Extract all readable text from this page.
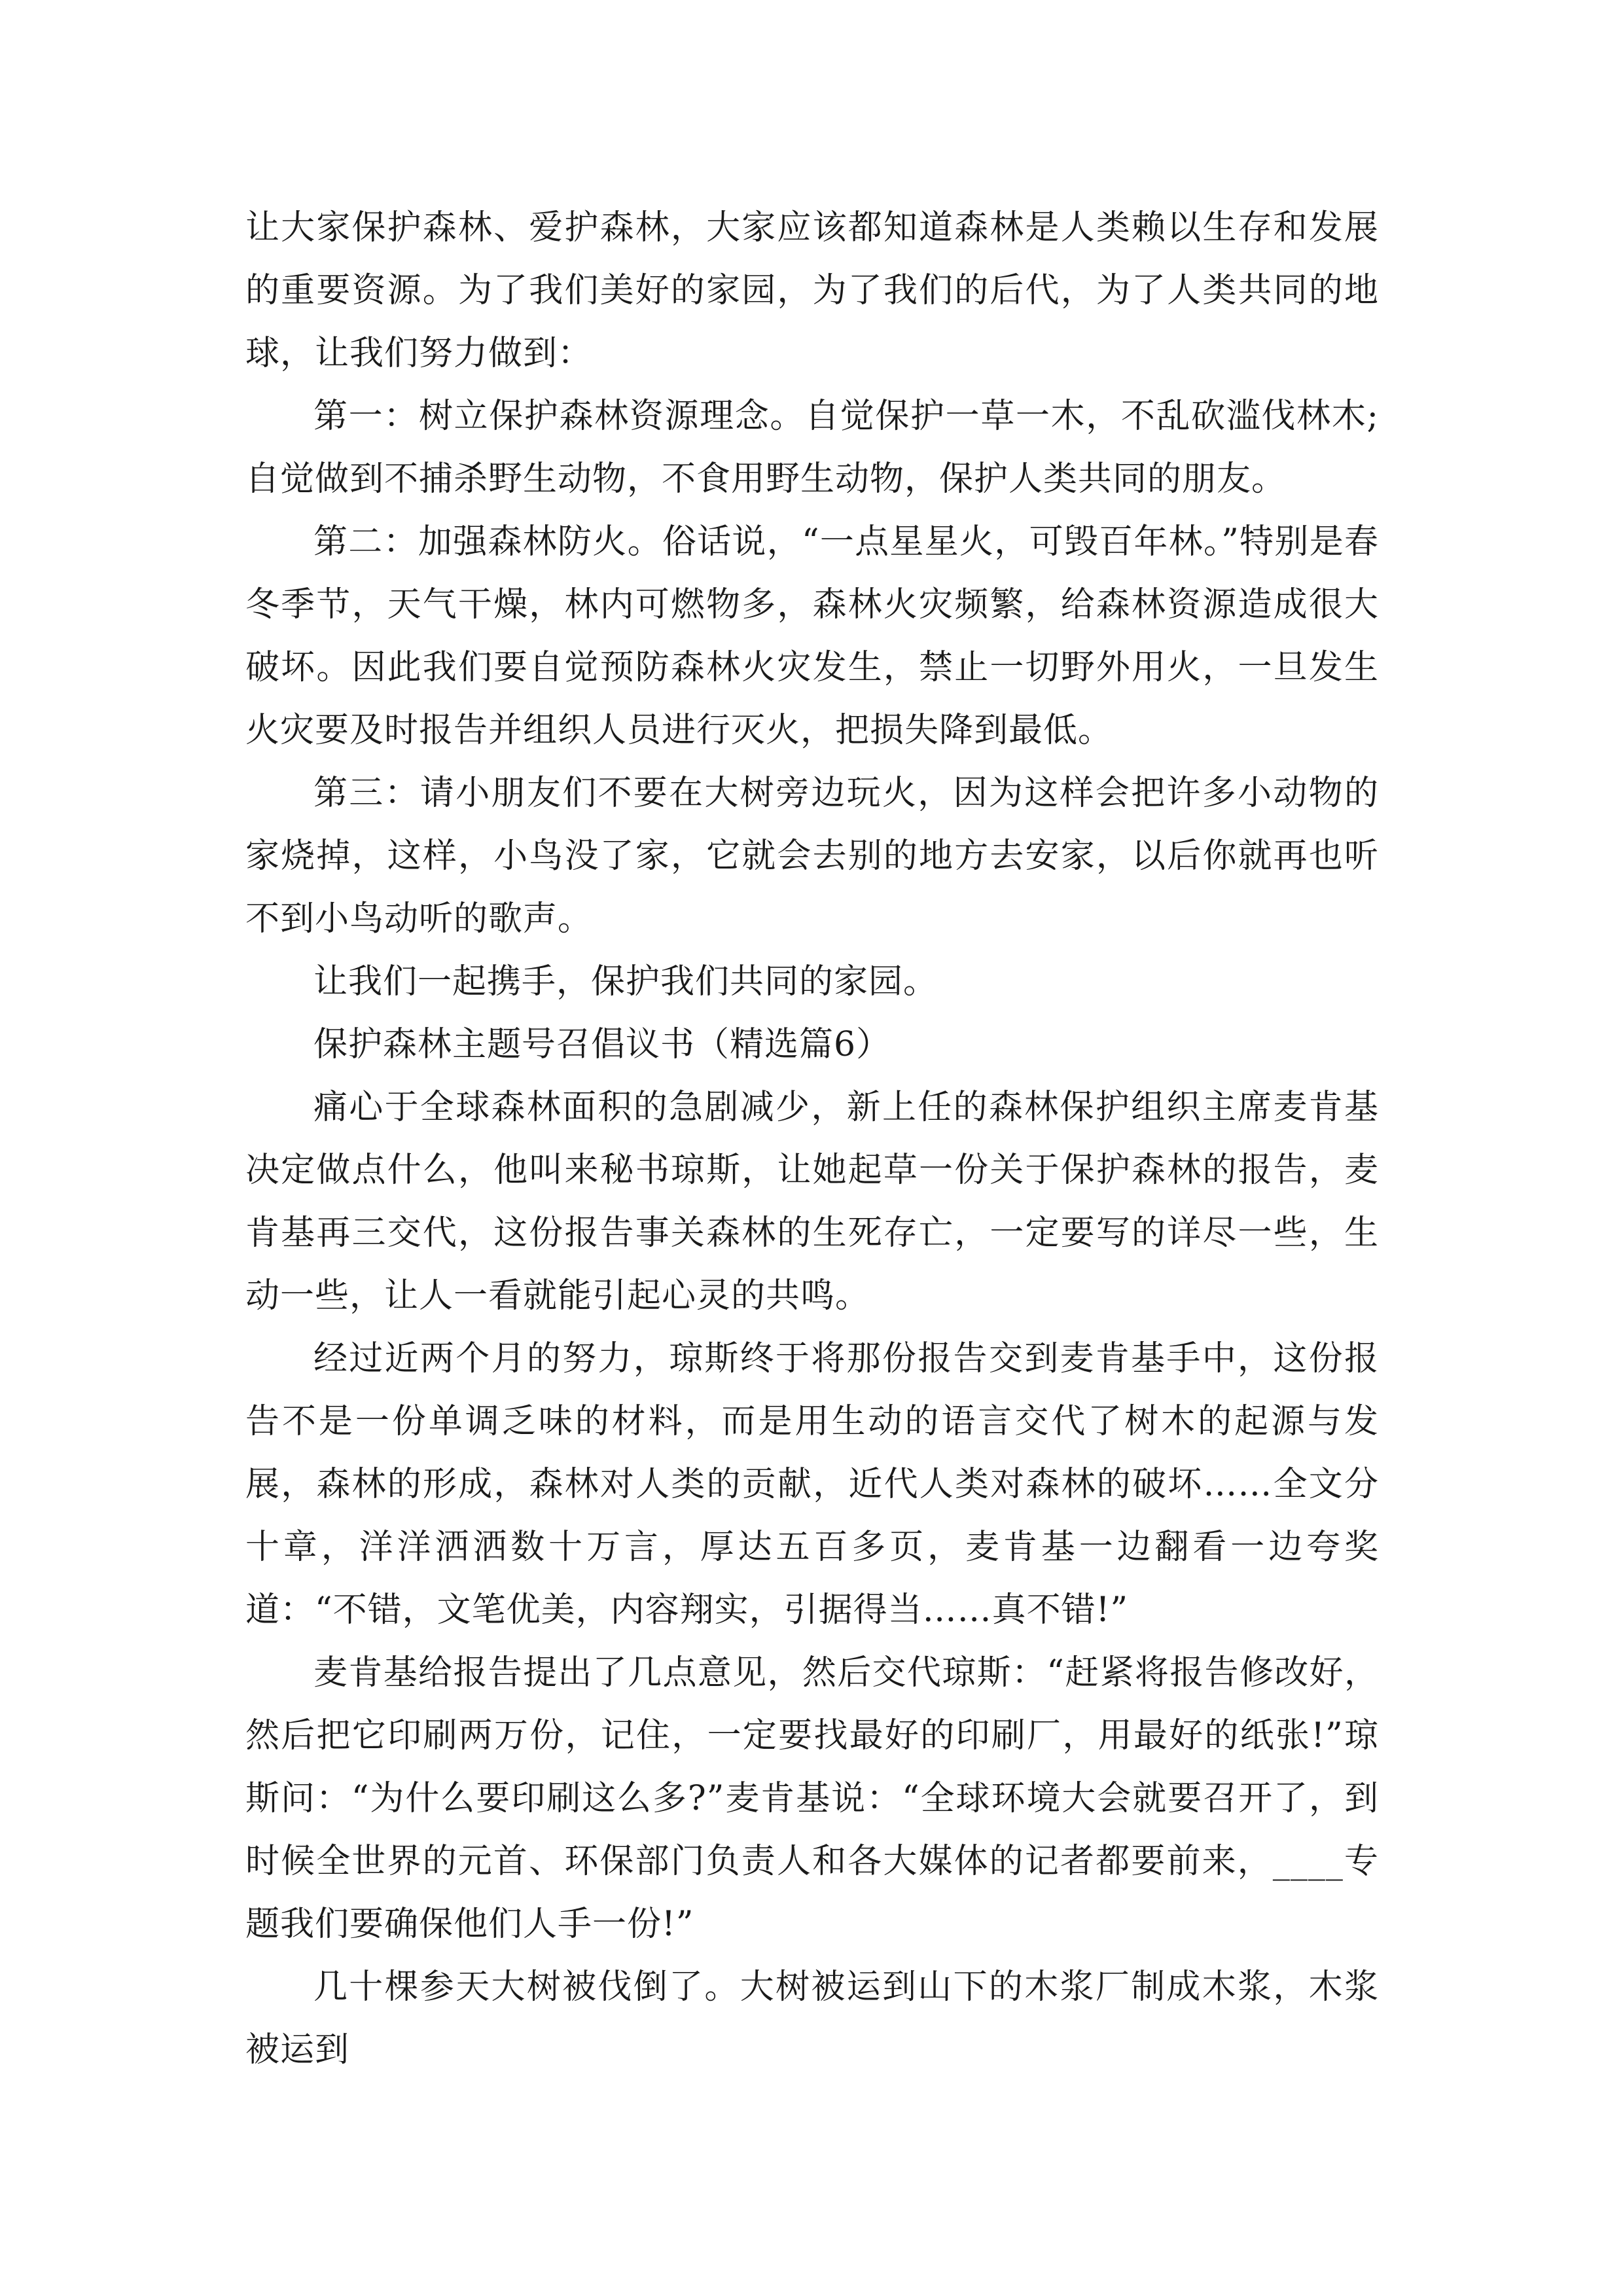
让大家保护森林、爱护森林，大家应该都知道森林是人类赖以生存和发展的重要资源。为了我们美好的家园，为了我们的后代，为了人类共同的地球，让我们努力做到：

第一：树立保护森林资源理念。自觉保护一草一木，不乱砍滥伐林木;自觉做到不捕杀野生动物，不食用野生动物，保护人类共同的朋友。

第二：加强森林防火。俗话说，“一点星星火，可毁百年林。”特别是春冬季节，天气干燥，林内可燃物多，森林火灾频繁，给森林资源造成很大破坏。因此我们要自觉预防森林火灾发生，禁止一切野外用火，一旦发生火灾要及时报告并组织人员进行灭火，把损失降到最低。

第三：请小朋友们不要在大树旁边玩火，因为这样会把许多小动物的家烧掉，这样，小鸟没了家，它就会去别的地方去安家，以后你就再也听不到小鸟动听的歌声。

让我们一起携手，保护我们共同的家园。

保护森林主题号召倡议书（精选篇6）

痛心于全球森林面积的急剧减少，新上任的森林保护组织主席麦肯基决定做点什么，他叫来秘书琼斯，让她起草一份关于保护森林的报告，麦肯基再三交代，这份报告事关森林的生死存亡，一定要写的详尽一些，生动一些，让人一看就能引起心灵的共鸣。

经过近两个月的努力，琼斯终于将那份报告交到麦肯基手中，这份报告不是一份单调乏味的材料，而是用生动的语言交代了树木的起源与发展，森林的形成，森林对人类的贡献，近代人类对森林的破坏……全文分十章，洋洋洒洒数十万言，厚达五百多页，麦肯基一边翻看一边夸奖道：“不错，文笔优美，内容翔实，引据得当……真不错!”

麦肯基给报告提出了几点意见，然后交代琼斯：“赶紧将报告修改好，然后把它印刷两万份，记住，一定要找最好的印刷厂，用最好的纸张!”琼斯问：“为什么要印刷这么多?”麦肯基说：“全球环境大会就要召开了，到时候全世界的元首、环保部门负责人和各大媒体的记者都要前来，____专题我们要确保他们人手一份!”

几十棵参天大树被伐倒了。大树被运到山下的木浆厂制成木浆，木浆被运到
